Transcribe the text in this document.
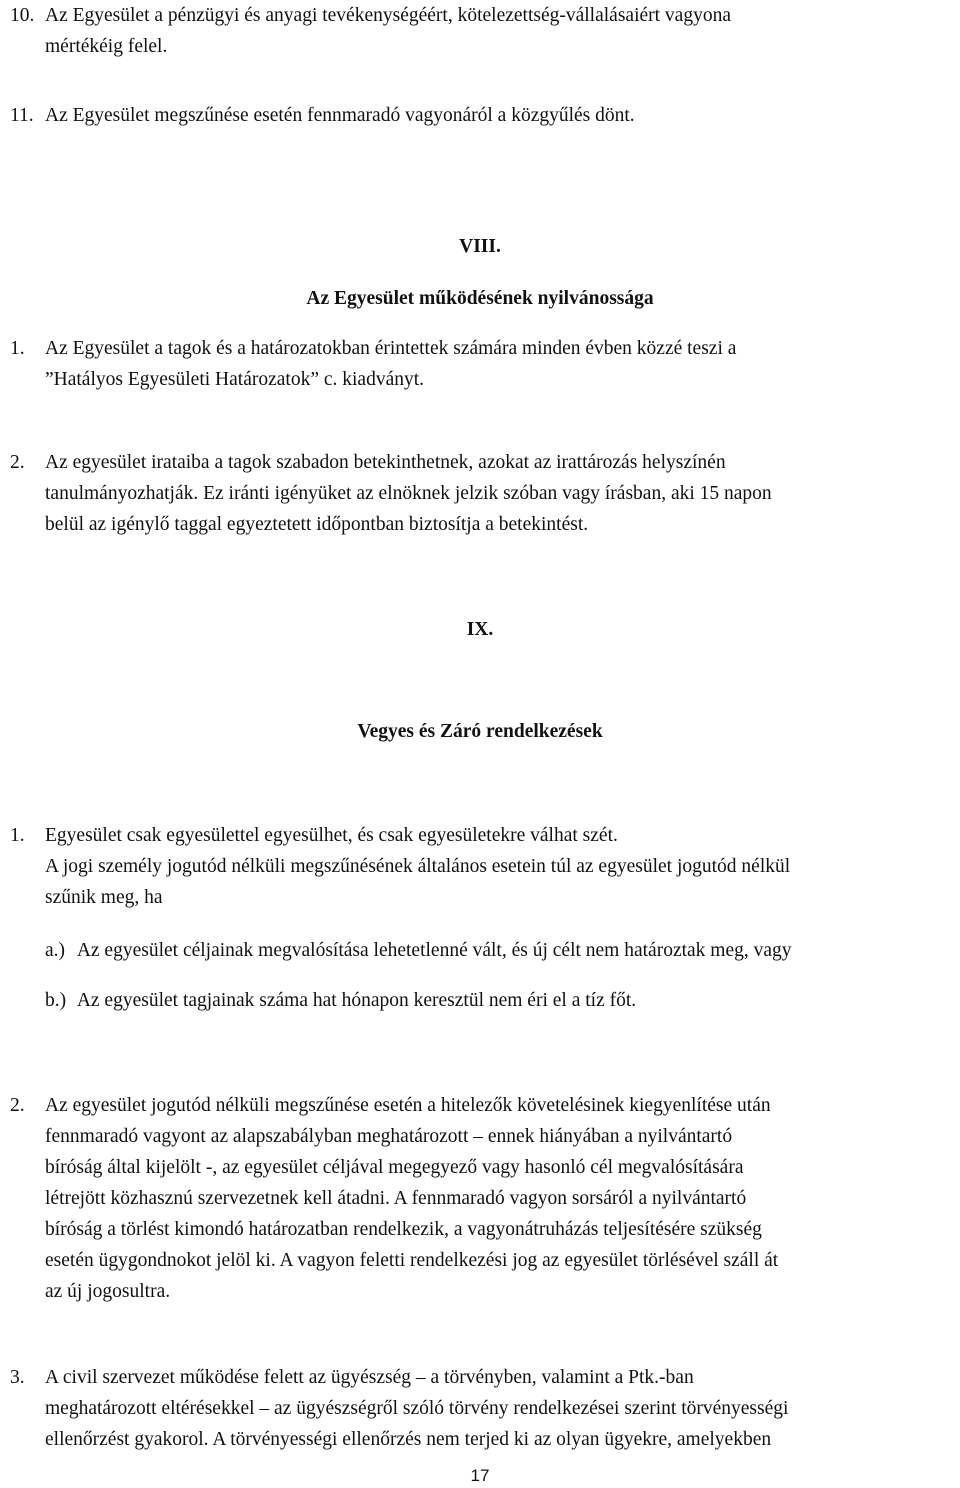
10. Az Egyesület a pénzügyi és anyagi tevékenységéért, kötelezettség-vállalásaiért vagyona
mértékéig felel.
11. Az Egyesület megszűnése esetén fennmaradó vagyonáról a közgyűlés dönt.
VIII.
Az Egyesület működésének nyilvánossága
1. Az Egyesület a tagok és a határozatokban érintettek számára minden évben közzé teszi a
”Hatályos Egyesületi Határozatok” c. kiadványt.
2. Az egyesület irataiba a tagok szabadon betekinthetnek, azokat az irattározás helyszínén
tanulmányozhatják. Ez iránti igényüket az elnöknek jelzik szóban vagy írásban, aki 15 napon
belül az igénylő taggal egyeztetett időpontban biztosítja a betekintést.
IX.
Vegyes és Záró rendelkezések
1. Egyesület csak egyesülettel egyesülhet, és csak egyesületekre válhat szét.
A jogi személy jogutód nélküli megszűnésének általános esetein túl az egyesület jogutód nélkül
szűnik meg, ha
a.) Az egyesület céljainak megvalósítása lehetetlenné vált, és új célt nem határoztak meg, vagy
b.) Az egyesület tagjainak száma hat hónapon keresztül nem éri el a tíz főt.
2. Az egyesület jogutód nélküli megszűnése esetén a hitelezők követelésinek kiegyenlítése után
fennmaradó vagyont az alapszabályban meghatározott – ennek hiányában a nyilvántartó
bíróság által kijelölt -, az egyesület céljával megegyező vagy hasonló cél megvalósítására
létrejött közhasznú szervezetnek kell átadni. A fennmaradó vagyon sorsáról a nyilvántartó
bíróság a törlést kimondó határozatban rendelkezik, a vagyonátruházás teljesítésére szükség
esetén ügygondnokot jelöl ki. A vagyon feletti rendelkezési jog az egyesület törlésével száll át
az új jogosultra.
3. A civil szervezet működése felett az ügyészség – a törvényben, valamint a Ptk.-ban
meghatározott eltérésekkel – az ügyészségről szóló törvény rendelkezései szerint törvényességi
ellenőrzést gyakorol. A törvényességi ellenőrzés nem terjed ki az olyan ügyekre, amelyekben
17
